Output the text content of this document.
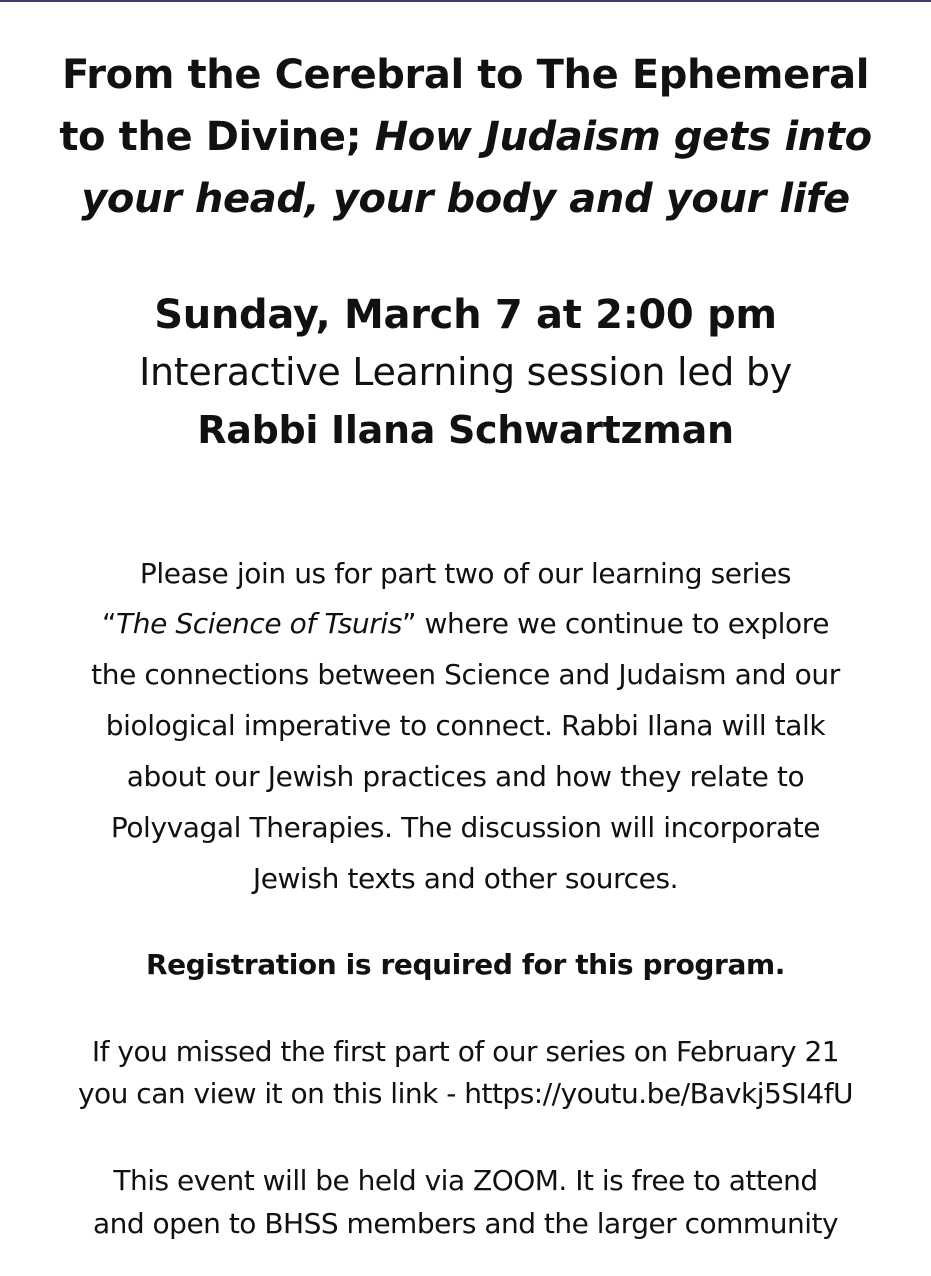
From the Cerebral to The Ephemeral
to the Divine; How Judaism gets into
your head, your body and your life
Sunday, March 7 at 2:00 pm
Interactive Learning session led by
Rabbi Ilana Schwartzman
Please join us for part two of our learning series
“The Science of Tsuris” where we continue to explore
the connections between Science and Judaism and our
biological imperative to connect. Rabbi Ilana will talk
about our Jewish practices and how they relate to
Polyvagal Therapies. The discussion will incorporate
Jewish texts and other sources.
Registration is required for this program.
If you missed the first part of our series on February 21
you can view it on this link - https://youtu.be/Bavkj5SI4fU
This event will be held via ZOOM. It is free to attend
and open to BHSS members and the larger community
